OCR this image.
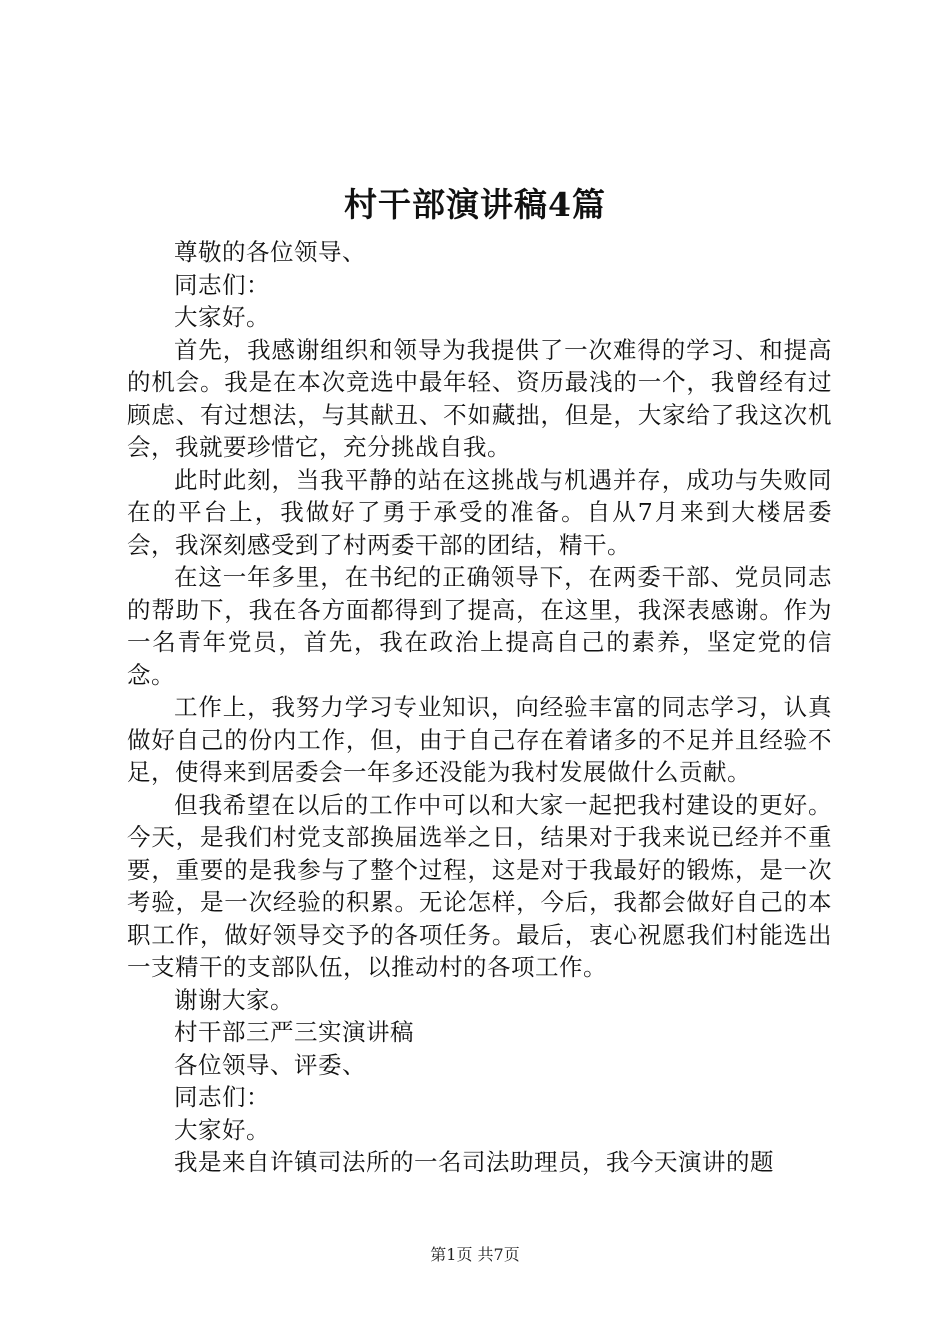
村干部演讲稿4篇

尊敬的各位领导、

同志们：

大家好。

首先，我感谢组织和领导为我提供了一次难得的学习、和提高的机会。我是在本次竞选中最年轻、资历最浅的一个，我曾经有过顾虑、有过想法，与其献丑、不如藏拙，但是，大家给了我这次机会，我就要珍惜它，充分挑战自我。

此时此刻，当我平静的站在这挑战与机遇并存，成功与失败同在的平台上，我做好了勇于承受的准备。自从7月来到大楼居委会，我深刻感受到了村两委干部的团结，精干。

在这一年多里，在书纪的正确领导下，在两委干部、党员同志的帮助下，我在各方面都得到了提高，在这里，我深表感谢。作为一名青年党员，首先，我在政治上提高自己的素养，坚定党的信念。

工作上，我努力学习专业知识，向经验丰富的同志学习，认真做好自己的份内工作，但，由于自己存在着诸多的不足并且经验不足，使得来到居委会一年多还没能为我村发展做什么贡献。

但我希望在以后的工作中可以和大家一起把我村建设的更好。今天，是我们村党支部换届选举之日，结果对于我来说已经并不重要，重要的是我参与了整个过程，这是对于我最好的锻炼，是一次考验，是一次经验的积累。无论怎样，今后，我都会做好自己的本职工作，做好领导交予的各项任务。最后，衷心祝愿我们村能选出一支精干的支部队伍，以推动村的各项工作。

谢谢大家。

村干部三严三实演讲稿

各位领导、评委、

同志们：

大家好。

我是来自许镇司法所的一名司法助理员，我今天演讲的题

第1页 共7页
